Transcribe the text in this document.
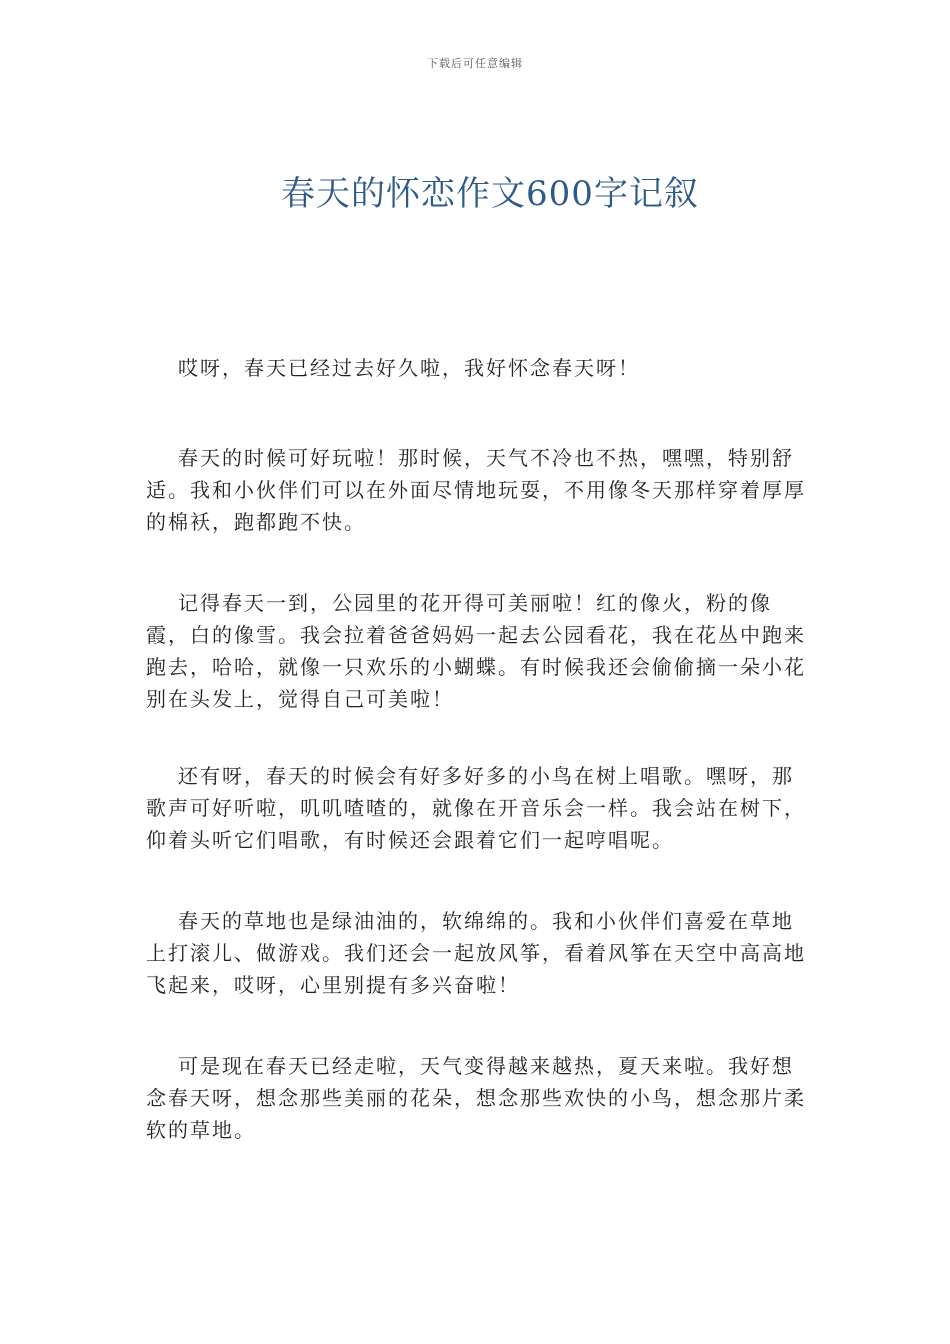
下载后可任意编辑
春天的怀恋作文600字记叙

哎呀，春天已经过去好久啦，我好怀念春天呀！

春天的时候可好玩啦！那时候，天气不冷也不热，嘿嘿，特别舒适。我和小伙伴们可以在外面尽情地玩耍，不用像冬天那样穿着厚厚的棉袄，跑都跑不快。

记得春天一到，公园里的花开得可美丽啦！红的像火，粉的像霞，白的像雪。我会拉着爸爸妈妈一起去公园看花，我在花丛中跑来跑去，哈哈，就像一只欢乐的小蝴蝶。有时候我还会偷偷摘一朵小花别在头发上，觉得自己可美啦！

还有呀，春天的时候会有好多好多的小鸟在树上唱歌。嘿呀，那歌声可好听啦，叽叽喳喳的，就像在开音乐会一样。我会站在树下，仰着头听它们唱歌，有时候还会跟着它们一起哼唱呢。

春天的草地也是绿油油的，软绵绵的。我和小伙伴们喜爱在草地上打滚儿、做游戏。我们还会一起放风筝，看着风筝在天空中高高地飞起来，哎呀，心里别提有多兴奋啦！

可是现在春天已经走啦，天气变得越来越热，夏天来啦。我好想念春天呀，想念那些美丽的花朵，想念那些欢快的小鸟，想念那片柔软的草地。
